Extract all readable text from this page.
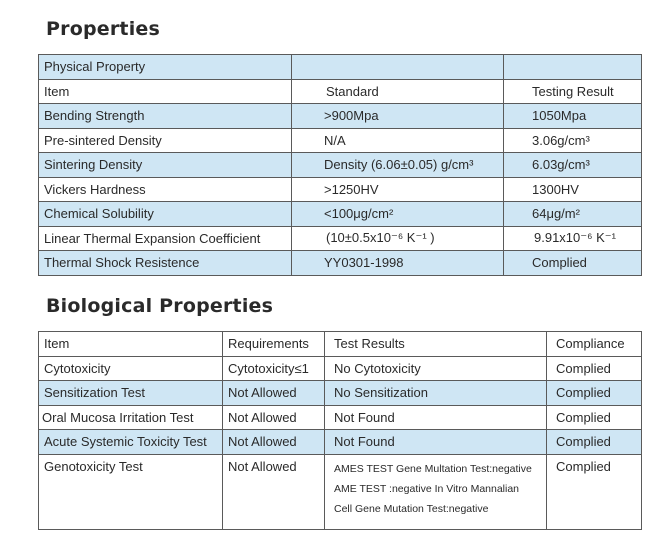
Properties
Physical Property		
Item	Standard	Testing Result
Bending Strength	>900Mpa	1050Mpa
Pre-sintered Density	N/A	3.06g/cm³
Sintering Density	Density (6.06±0.05) g/cm³	6.03g/cm³
Vickers Hardness	>1250HV	1300HV
Chemical Solubility	<100μg/cm²	64μg/m²
Linear Thermal Expansion Coefficient	(10±0.5x10⁻⁶ K⁻¹ )	9.91x10⁻⁶ K⁻¹
Thermal Shock Resistence	YY0301-1998	Complied
Biological Properties
Item	Requirements	Test Results	Compliance
Cytotoxicity	Cytotoxicity≤1	No Cytotoxicity	Complied
Sensitization Test	Not Allowed	No Sensitization	Complied
Oral Mucosa Irritation Test	Not Allowed	Not Found	Complied
Acute Systemic Toxicity Test	Not Allowed	Not Found	Complied
Genotoxicity Test	Not Allowed	AMES TEST Gene Multation Test:negative
AME TEST :negative In Vitro Mannalian
Cell Gene Mutation Test:negative	Complied
